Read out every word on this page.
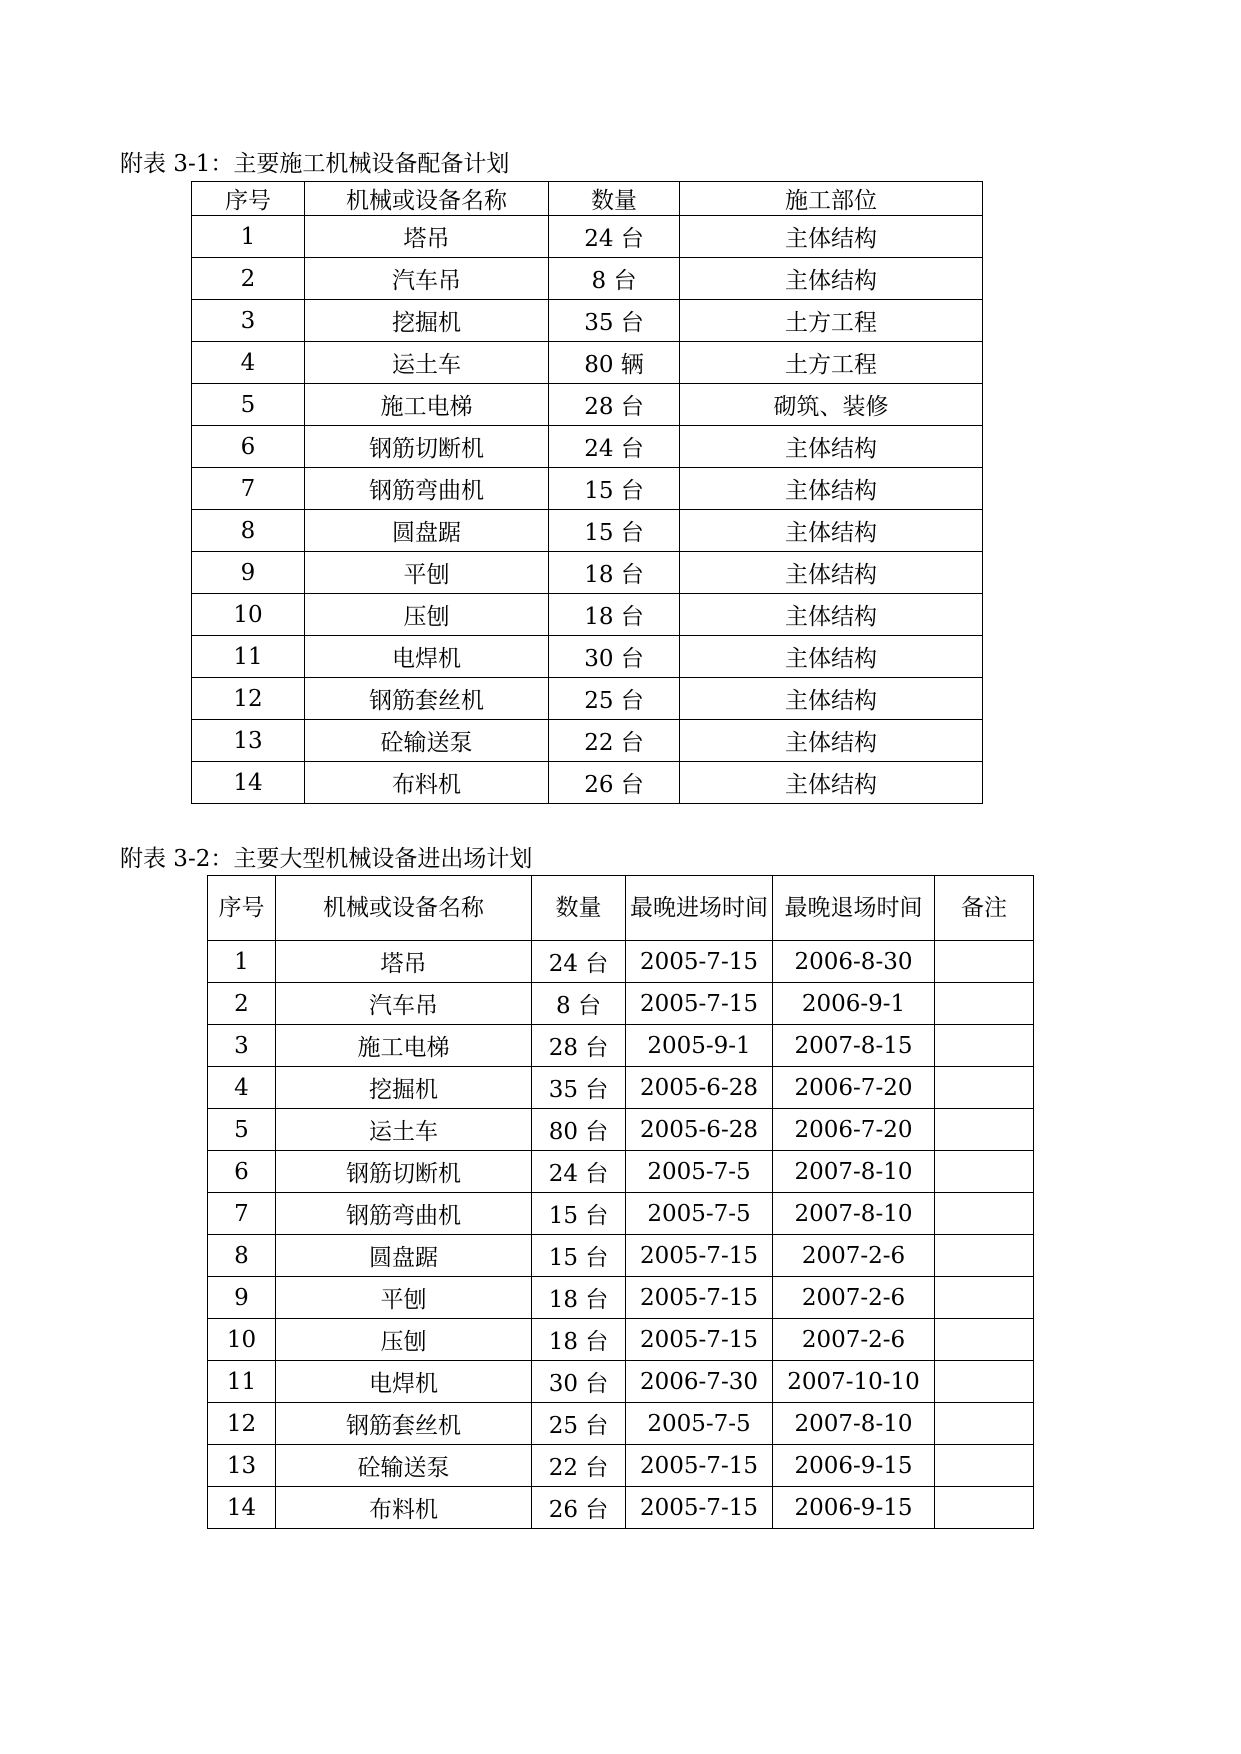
附表 3-1：主要施工机械设备配备计划
序号	机械或设备名称	数量	施工部位
1	塔吊	24 台	主体结构
2	汽车吊	8 台	主体结构
3	挖掘机	35 台	土方工程
4	运土车	80 辆	土方工程
5	施工电梯	28 台	砌筑、装修
6	钢筋切断机	24 台	主体结构
7	钢筋弯曲机	15 台	主体结构
8	圆盘踞	15 台	主体结构
9	平刨	18 台	主体结构
10	压刨	18 台	主体结构
11	电焊机	30 台	主体结构
12	钢筋套丝机	25 台	主体结构
13	砼输送泵	22 台	主体结构
14	布料机	26 台	主体结构
附表 3-2：主要大型机械设备进出场计划
序号	机械或设备名称	数量	最晚进场时间	最晚退场时间	备注
1	塔吊	24 台	2005-7-15	2006-8-30	
2	汽车吊	8 台	2005-7-15	2006-9-1	
3	施工电梯	28 台	2005-9-1	2007-8-15	
4	挖掘机	35 台	2005-6-28	2006-7-20	
5	运土车	80 台	2005-6-28	2006-7-20	
6	钢筋切断机	24 台	2005-7-5	2007-8-10	
7	钢筋弯曲机	15 台	2005-7-5	2007-8-10	
8	圆盘踞	15 台	2005-7-15	2007-2-6	
9	平刨	18 台	2005-7-15	2007-2-6	
10	压刨	18 台	2005-7-15	2007-2-6	
11	电焊机	30 台	2006-7-30	2007-10-10	
12	钢筋套丝机	25 台	2005-7-5	2007-8-10	
13	砼输送泵	22 台	2005-7-15	2006-9-15	
14	布料机	26 台	2005-7-15	2006-9-15	
